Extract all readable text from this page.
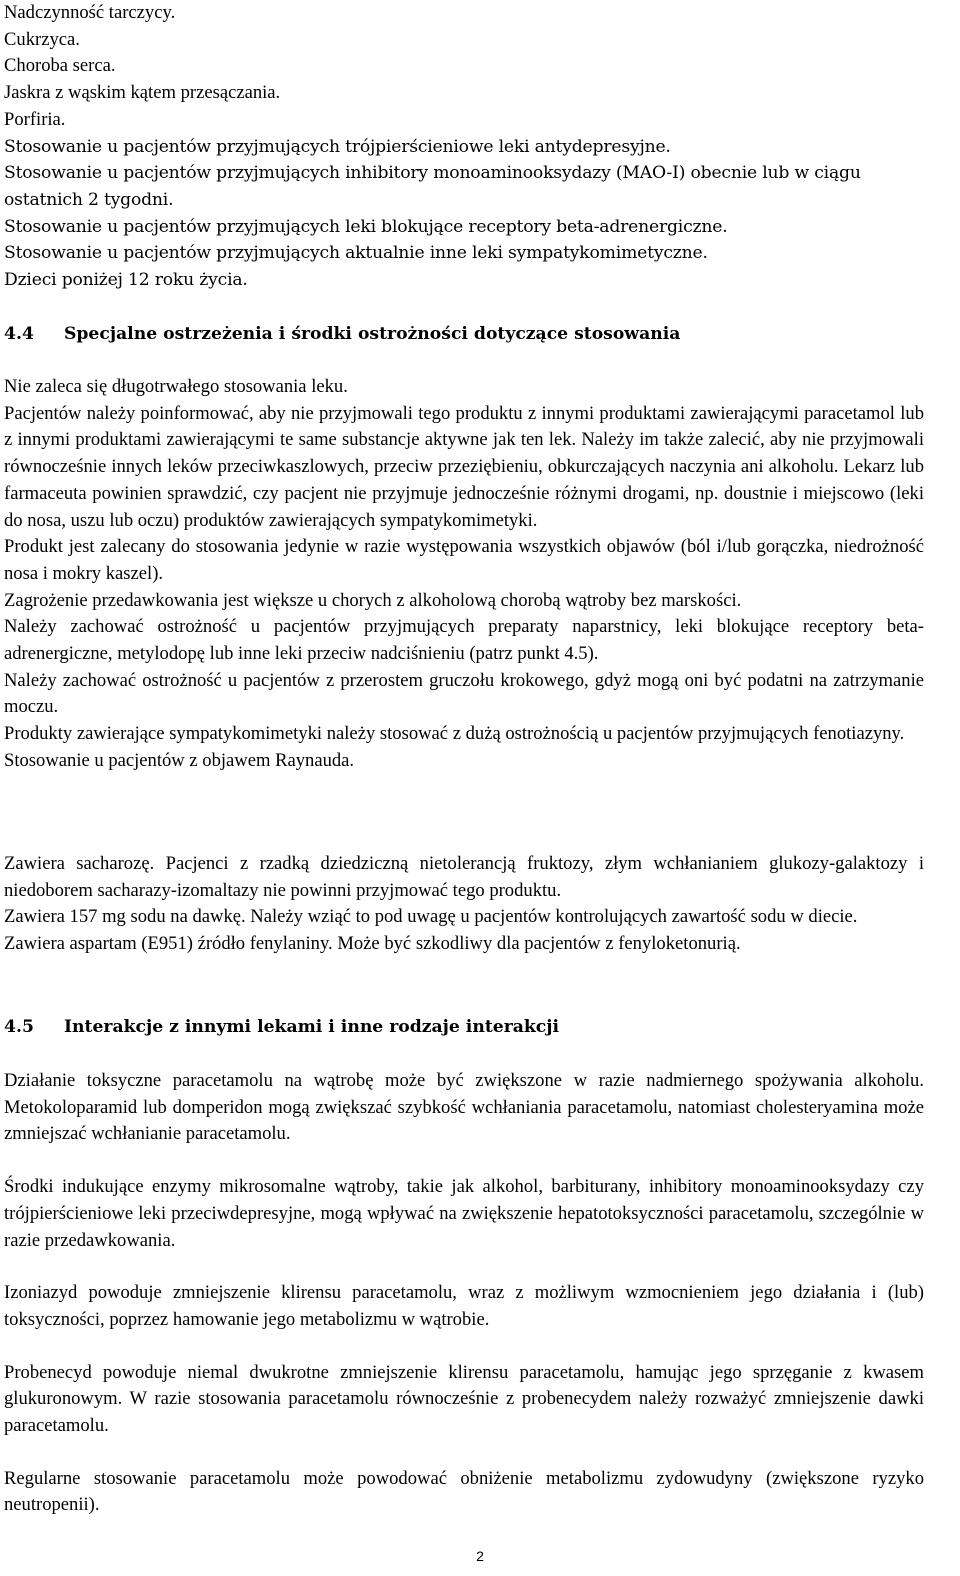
Nadczynność tarczycy.
Cukrzyca.
Choroba serca.
Jaskra z wąskim kątem przesączania.
Porfiria.
Stosowanie u pacjentów przyjmujących trójpierścieniowe leki antydepresyjne.
Stosowanie u pacjentów przyjmujących inhibitory monoaminooksydazy (MAO-I) obecnie lub w ciągu
ostatnich 2 tygodni.
Stosowanie u pacjentów przyjmujących leki blokujące receptory beta-adrenergiczne.
Stosowanie u pacjentów przyjmujących aktualnie inne leki sympatykomimetyczne.
Dzieci poniżej 12 roku życia.
4.4	Specjalne ostrzeżenia i środki ostrożności dotyczące stosowania

Nie zaleca się długotrwałego stosowania leku.

Pacjentów należy poinformować, aby nie przyjmowali tego produktu z innymi produktami zawierającymi paracetamol lub z innymi produktami zawierającymi te same substancje aktywne jak ten lek. Należy im także zalecić, aby nie przyjmowali równocześnie innych leków przeciwkaszlowych, przeciw przeziębieniu, obkurczających naczynia ani alkoholu. Lekarz lub farmaceuta powinien sprawdzić, czy pacjent nie przyjmuje jednocześnie różnymi drogami, np. doustnie i miejscowo (leki do nosa, uszu lub oczu) produktów zawierających sympatykomimetyki.

Produkt jest zalecany do stosowania jedynie w razie występowania wszystkich objawów (ból i/lub gorączka, niedrożność nosa i mokry kaszel).

Zagrożenie przedawkowania jest większe u chorych z alkoholową chorobą wątroby bez marskości.

Należy zachować ostrożność u pacjentów przyjmujących preparaty naparstnicy, leki blokujące receptory beta-adrenergiczne, metylodopę lub inne leki przeciw nadciśnieniu (patrz punkt 4.5).

Należy zachować ostrożność u pacjentów z przerostem gruczołu krokowego, gdyż mogą oni być podatni na zatrzymanie moczu.

Produkty zawierające sympatykomimetyki należy stosować z dużą ostrożnością u pacjentów przyjmujących fenotiazyny.

Stosowanie u pacjentów z objawem Raynauda.

Zawiera sacharozę. Pacjenci z rzadką dziedziczną nietolerancją fruktozy, złym wchłanianiem glukozy-galaktozy i niedoborem sacharazy-izomaltazy nie powinni przyjmować tego produktu.

Zawiera 157 mg sodu na dawkę. Należy wziąć to pod uwagę u pacjentów kontrolujących zawartość sodu w diecie.

Zawiera aspartam (E951) źródło fenylaniny. Może być szkodliwy dla pacjentów z fenyloketonurią.

4.5	Interakcje z innymi lekami i inne rodzaje interakcji

Działanie toksyczne paracetamolu na wątrobę może być zwiększone w razie nadmiernego spożywania alkoholu. Metokoloparamid lub domperidon mogą zwiększać szybkość wchłaniania paracetamolu, natomiast cholesteryamina może zmniejszać wchłanianie paracetamolu.

Środki indukujące enzymy mikrosomalne wątroby, takie jak alkohol, barbiturany, inhibitory monoaminooksydazy czy trójpierścieniowe leki przeciwdepresyjne, mogą wpływać na zwiększenie hepatotoksyczności paracetamolu, szczególnie w razie przedawkowania.

Izoniazyd powoduje zmniejszenie klirensu paracetamolu, wraz z możliwym wzmocnieniem jego działania i (lub) toksyczności, poprzez hamowanie jego metabolizmu w wątrobie.

Probenecyd powoduje niemal dwukrotne zmniejszenie klirensu paracetamolu, hamując jego sprzęganie z kwasem glukuronowym. W razie stosowania paracetamolu równocześnie z probenecydem należy rozważyć zmniejszenie dawki paracetamolu.

Regularne stosowanie paracetamolu może powodować obniżenie metabolizmu zydowudyny (zwiększone ryzyko neutropenii).

2
